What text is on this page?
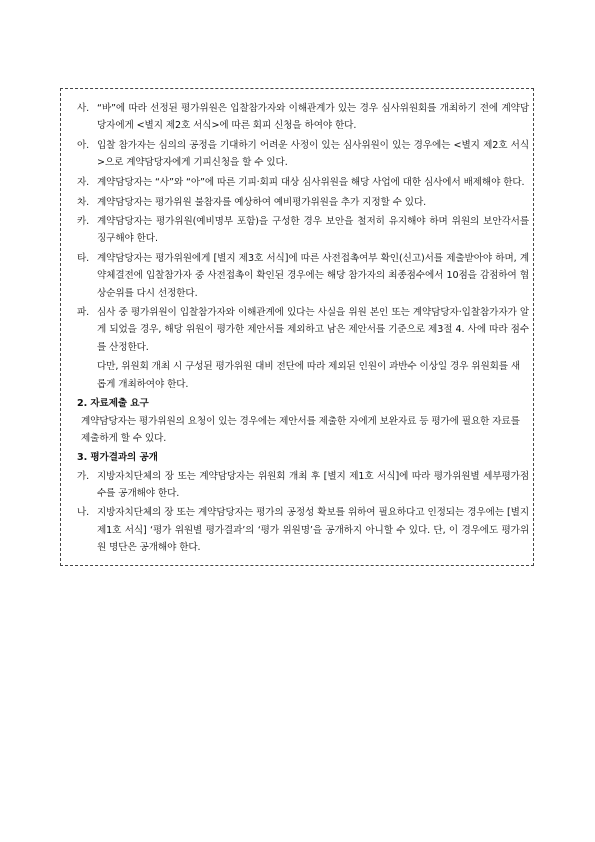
사. “바”에 따라 선정된 평가위원은 입찰참가자와 이해관계가 있는 경우 심사위원회를 개최하기 전에 계약담당자에게 <별지 제2호 서식>에 따른 회피 신청을 하여야 한다.
아. 입찰 참가자는 심의의 공정을 기대하기 어려운 사정이 있는 심사위원이 있는 경우에는 <별지 제2호 서식>으로 계약담당자에게 기피신청을 할 수 있다.
자. 계약담당자는 “사”와 “아”에 따른 기피·회피 대상 심사위원을 해당 사업에 대한 심사에서 배제해야 한다.
차. 계약담당자는 평가위원 불참자를 예상하여 예비평가위원을 추가 지정할 수 있다.
카. 계약담당자는 평가위원(예비명부 포함)을 구성한 경우 보안을 철저히 유지해야 하며 위원의 보안각서를 징구해야 한다.
타. 계약담당자는 평가위원에게 [별지 제3호 서식]에 따른 사전접촉여부 확인(신고)서를 제출받아야 하며, 계약체결전에 입찰참가자 중 사전접촉이 확인된 경우에는 해당 참가자의 최종점수에서 10점을 감점하여 협상순위를 다시 선정한다.
파. 심사 중 평가위원이 입찰참가자와 이해관계에 있다는 사실을 위원 본인 또는 계약담당자·입찰참가자가 알게 되었을 경우, 해당 위원이 평가한 제안서를 제외하고 남은 제안서를 기준으로 제3절 4. 사에 따라 점수를 산정한다.
다만, 위원회 개최 시 구성된 평가위원 대비 전단에 따라 제외된 인원이 과반수 이상일 경우 위원회를 새롭게 개최하여야 한다.
2. 자료제출 요구
계약담당자는 평가위원의 요청이 있는 경우에는 제안서를 제출한 자에게 보완자료 등 평가에 필요한 자료를 제출하게 할 수 있다.
3. 평가결과의 공개
가. 지방자치단체의 장 또는 계약담당자는 위원회 개최 후 [별지 제1호 서식]에 따라 평가위원별 세부평가점수를 공개해야 한다.
나. 지방자치단체의 장 또는 계약담당자는 평가의 공정성 확보를 위하여 필요하다고 인정되는 경우에는 [별지 제1호 서식] ‘평가 위원별 평가결과’의 ‘평가 위원명’을 공개하지 아니할 수 있다. 단, 이 경우에도 평가위원 명단은 공개해야 한다.
